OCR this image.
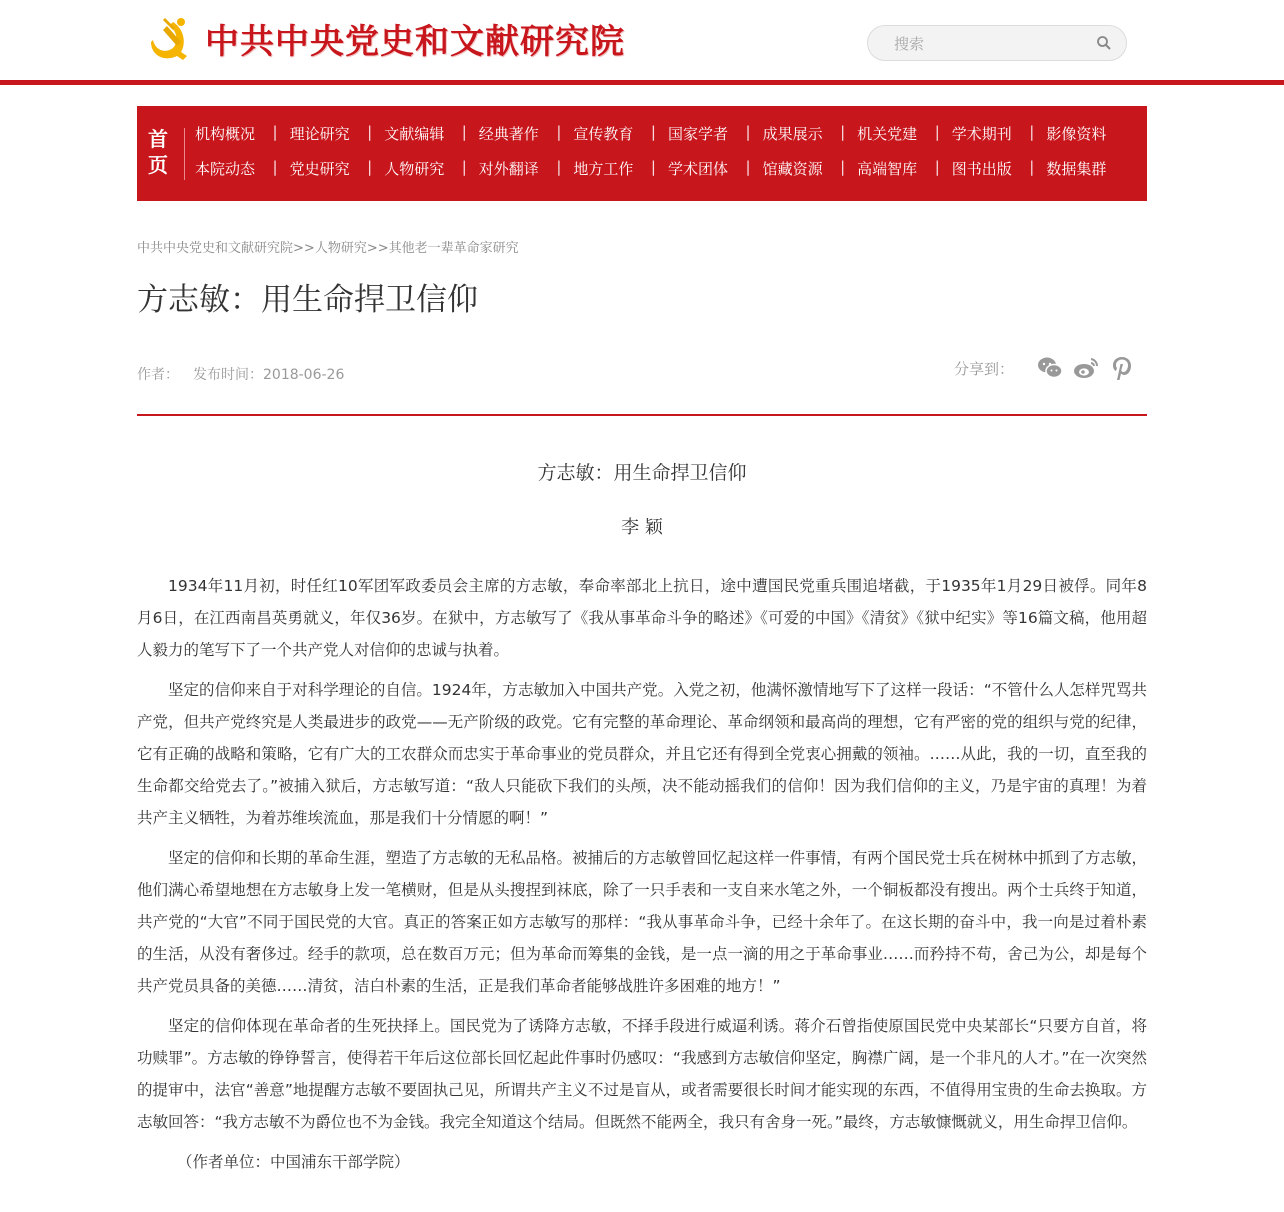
中共中央党史和文献研究院
搜索
首页
机构概况 |	理论研究 |	文献编辑 |	经典著作 |	宣传教育 |	国家学者 |	成果展示 |	机关党建 |	学术期刊 |	影像资料
本院动态 |	党史研究 |	人物研究 |	对外翻译 |	地方工作 |	学术团体 |	馆藏资源 |	高端智库 |	图书出版 |	数据集群
中共中央党史和文献研究院>>人物研究>>其他老一辈革命家研究
方志敏：用生命捍卫信仰
作者： 发布时间：2018-06-26	分享到：

方志敏：用生命捍卫信仰

李 颖

1934年11月初，时任红10军团军政委员会主席的方志敏，奉命率部北上抗日，途中遭国民党重兵围追堵截，于1935年1月29日被俘。同年8月6日，在江西南昌英勇就义，年仅36岁。在狱中，方志敏写了《我从事革命斗争的略述》《可爱的中国》《清贫》《狱中纪实》等16篇文稿，他用超人毅力的笔写下了一个共产党人对信仰的忠诚与执着。

坚定的信仰来自于对科学理论的自信。1924年，方志敏加入中国共产党。入党之初，他满怀激情地写下了这样一段话：“不管什么人怎样咒骂共产党，但共产党终究是人类最进步的政党——无产阶级的政党。它有完整的革命理论、革命纲领和最高尚的理想，它有严密的党的组织与党的纪律，它有正确的战略和策略，它有广大的工农群众而忠实于革命事业的党员群众，并且它还有得到全党衷心拥戴的领袖。……从此，我的一切，直至我的生命都交给党去了。”被捕入狱后，方志敏写道：“敌人只能砍下我们的头颅，决不能动摇我们的信仰！因为我们信仰的主义，乃是宇宙的真理！为着共产主义牺牲，为着苏维埃流血，那是我们十分情愿的啊！”

坚定的信仰和长期的革命生涯，塑造了方志敏的无私品格。被捕后的方志敏曾回忆起这样一件事情，有两个国民党士兵在树林中抓到了方志敏，他们满心希望地想在方志敏身上发一笔横财，但是从头搜捏到袜底，除了一只手表和一支自来水笔之外，一个铜板都没有搜出。两个士兵终于知道，共产党的“大官”不同于国民党的大官。真正的答案正如方志敏写的那样：“我从事革命斗争，已经十余年了。在这长期的奋斗中，我一向是过着朴素的生活，从没有奢侈过。经手的款项，总在数百万元；但为革命而筹集的金钱，是一点一滴的用之于革命事业……而矜持不苟，舍己为公，却是每个共产党员具备的美德……清贫，洁白朴素的生活，正是我们革命者能够战胜许多困难的地方！”

坚定的信仰体现在革命者的生死抉择上。国民党为了诱降方志敏，不择手段进行威逼利诱。蒋介石曾指使原国民党中央某部长“只要方自首，将功赎罪”。方志敏的铮铮誓言，使得若干年后这位部长回忆起此件事时仍感叹：“我感到方志敏信仰坚定，胸襟广阔，是一个非凡的人才。”在一次突然的提审中，法官“善意”地提醒方志敏不要固执己见，所谓共产主义不过是盲从，或者需要很长时间才能实现的东西，不值得用宝贵的生命去换取。方志敏回答：“我方志敏不为爵位也不为金钱。我完全知道这个结局。但既然不能两全，我只有舍身一死。”最终，方志敏慷慨就义，用生命捍卫信仰。

（作者单位：中国浦东干部学院）
